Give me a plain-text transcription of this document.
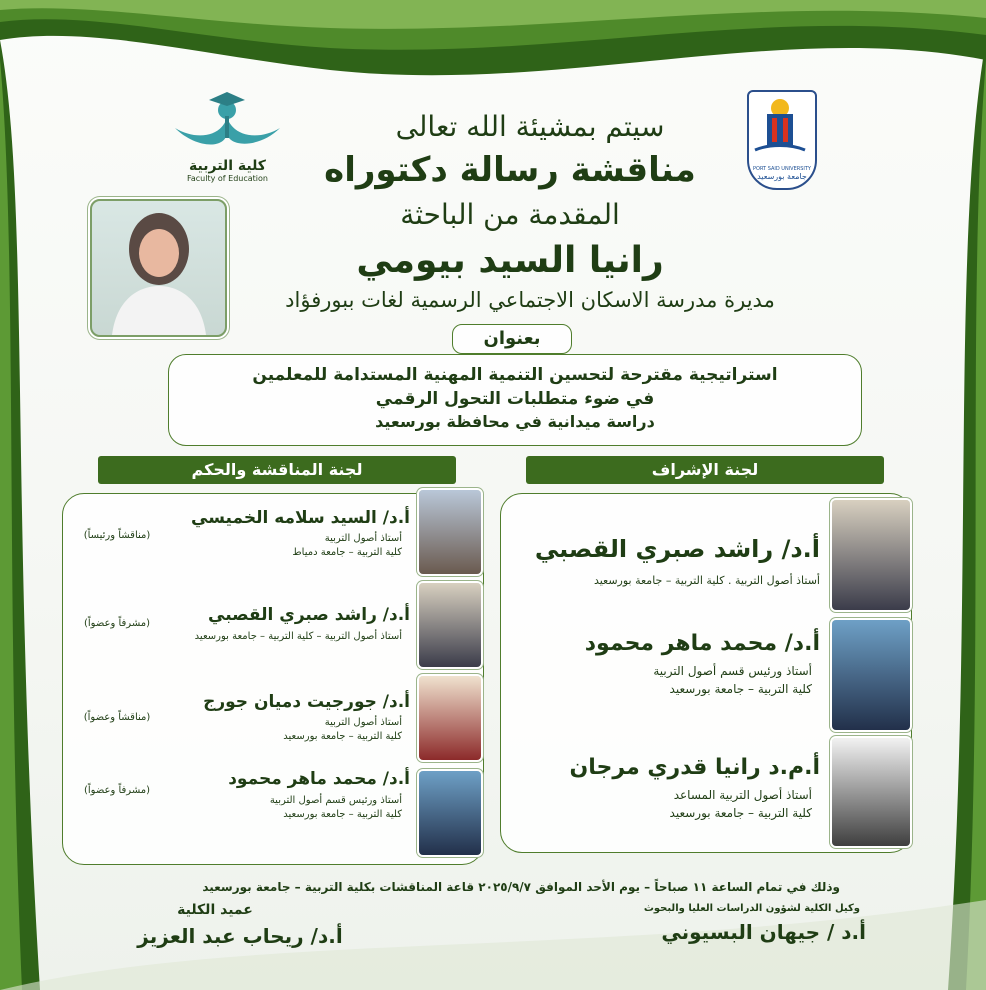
كلية التربية
Faculty of Education
PORT SAID UNIVERSITY
جامعة بورسعيد
سيتم بمشيئة الله تعالى
مناقشة رسالة دكتوراه
المقدمة من الباحثة
رانيا السيد بيومي
مديرة مدرسة الاسكان الاجتماعي الرسمية لغات ببورفؤاد
بعنوان
استراتيجية مقترحة لتحسين التنمية المهنية المستدامة للمعلمين
في ضوء متطلبات التحول الرقمي
دراسة ميدانية في محافظة بورسعيد
لجنة المناقشة والحكم	لجنة الإشراف
أ.د/ السيد سلامه الخميسي
أستاذ أصول التربية
كلية التربية – جامعة دمياط
(مناقشاً ورئيساً)
أ.د/ راشد صبري القصبي
أستاذ أصول التربية – كلية التربية – جامعة بورسعيد
(مشرفاً وعضواً)
أ.د/ جورجيت دميان جورج
أستاذ أصول التربية
كلية التربية – جامعة بورسعيد
(مناقشاً وعضواً)
أ.د/ محمد ماهر محمود
أستاذ ورئيس قسم أصول التربية
كلية التربية – جامعة بورسعيد
(مشرفاً وعضواً)
أ.د/ راشد صبري القصبي
أستاذ أصول التربية . كلية التربية – جامعة بورسعيد
أ.د/ محمد ماهر محمود
أستاذ ورئيس قسم أصول التربية
كلية التربية – جامعة بورسعيد
أ.م.د رانيا قدري مرجان
أستاذ أصول التربية المساعد
كلية التربية – جامعة بورسعيد
وذلك في تمام الساعة ١١ صباحاً – يوم الأحد الموافق ٢٠٢٥/٩/٧ قاعة المناقشات بكلية التربية – جامعة بورسعيد
وكيل الكلية لشؤون الدراسات العليا والبحوث
أ.د / جيهان البسيوني
عميد الكلية
أ.د/ ريحاب عبد العزيز
